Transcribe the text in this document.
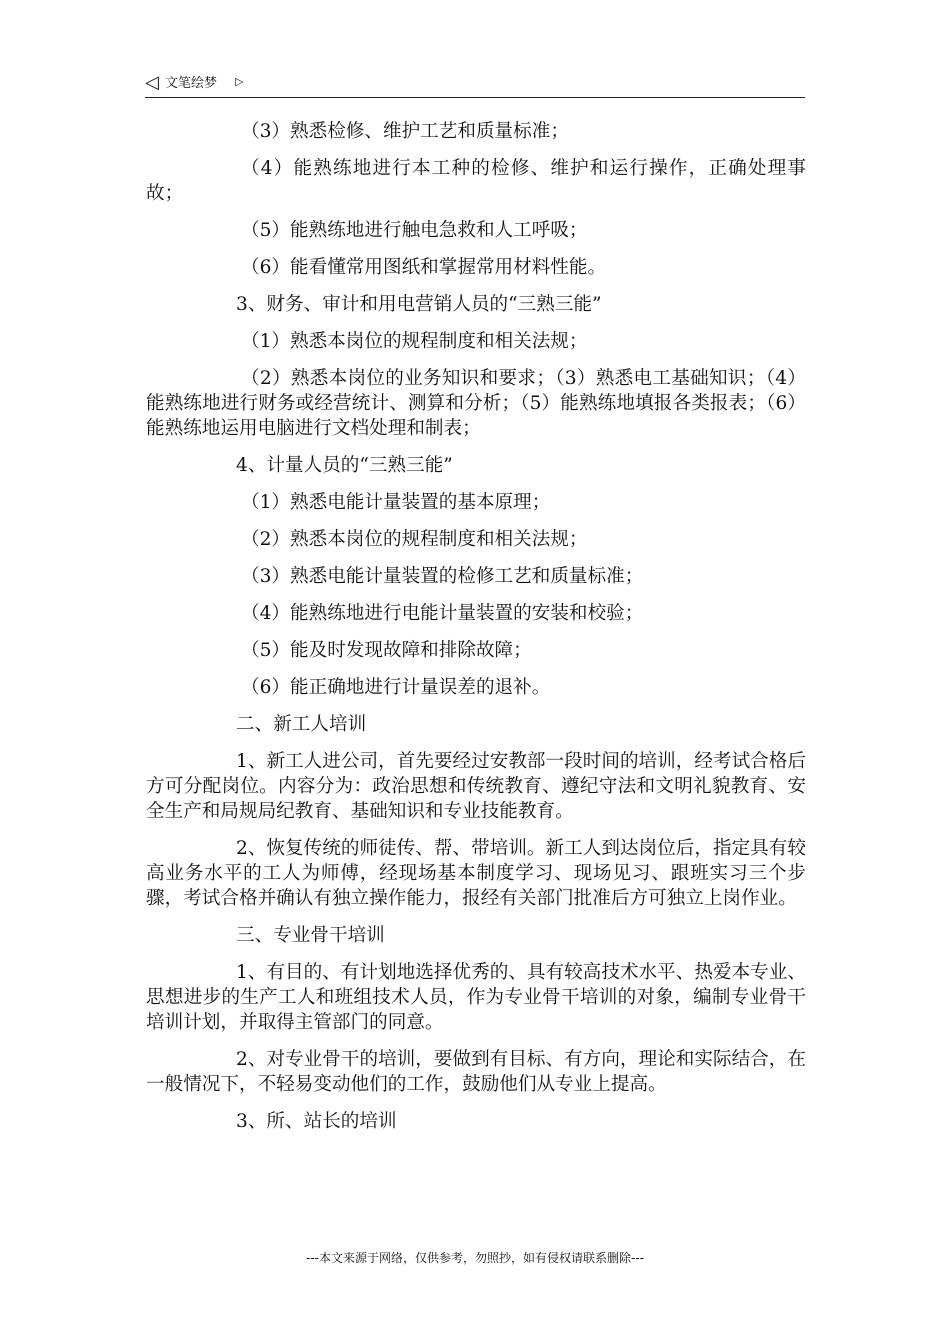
◁ 文笔绘梦 ▷

（3）熟悉检修、维护工艺和质量标准；

（4）能熟练地进行本工种的检修、维护和运行操作，正确处理事故；

（5）能熟练地进行触电急救和人工呼吸；

（6）能看懂常用图纸和掌握常用材料性能。

3、财务、审计和用电营销人员的“三熟三能”

（1）熟悉本岗位的规程制度和相关法规；

（2）熟悉本岗位的业务知识和要求；（3）熟悉电工基础知识；（4）能熟练地进行财务或经营统计、测算和分析；（5）能熟练地填报各类报表；（6）能熟练地运用电脑进行文档处理和制表；

4、计量人员的“三熟三能”

（1）熟悉电能计量装置的基本原理；

（2）熟悉本岗位的规程制度和相关法规；

（3）熟悉电能计量装置的检修工艺和质量标准；

（4）能熟练地进行电能计量装置的安装和校验；

（5）能及时发现故障和排除故障；

（6）能正确地进行计量误差的退补。

二、新工人培训

1、新工人进公司，首先要经过安教部一段时间的培训，经考试合格后方可分配岗位。内容分为：政治思想和传统教育、遵纪守法和文明礼貌教育、安全生产和局规局纪教育、基础知识和专业技能教育。

2、恢复传统的师徒传、帮、带培训。新工人到达岗位后，指定具有较高业务水平的工人为师傅，经现场基本制度学习、现场见习、跟班实习三个步骤，考试合格并确认有独立操作能力，报经有关部门批准后方可独立上岗作业。

三、专业骨干培训

1、有目的、有计划地选择优秀的、具有较高技术水平、热爱本专业、思想进步的生产工人和班组技术人员，作为专业骨干培训的对象，编制专业骨干培训计划，并取得主管部门的同意。

2、对专业骨干的培训，要做到有目标、有方向，理论和实际结合，在一般情况下，不轻易变动他们的工作，鼓励他们从专业上提高。

3、所、站长的培训

---本文来源于网络，仅供参考，勿照抄，如有侵权请联系删除---
